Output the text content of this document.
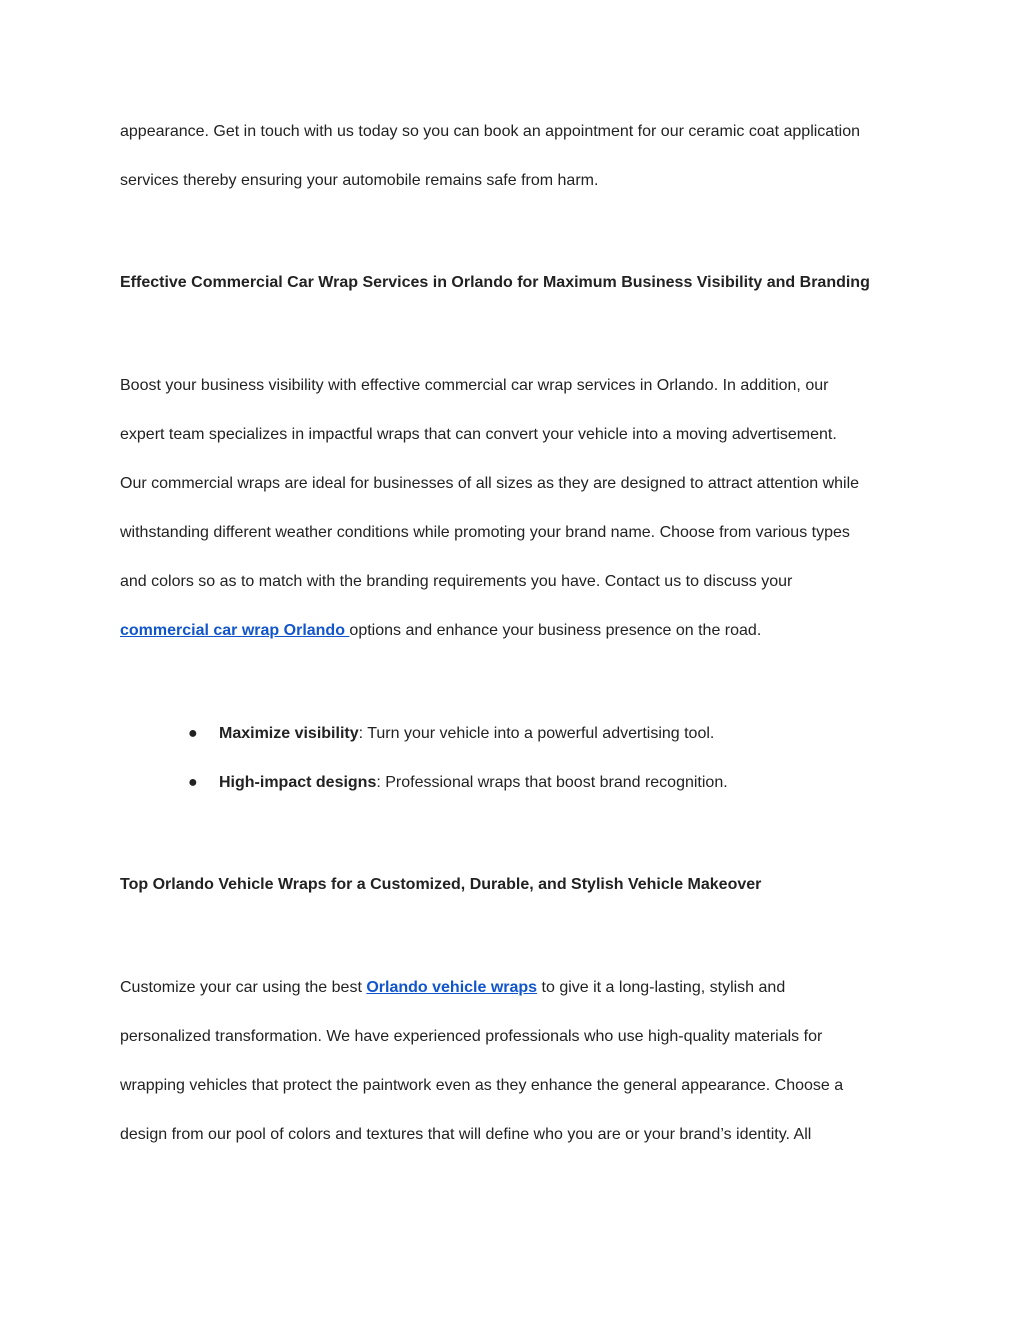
appearance. Get in touch with us today so you can book an appointment for our ceramic coat application
services thereby ensuring your automobile remains safe from harm.
Effective Commercial Car Wrap Services in Orlando for Maximum Business Visibility and Branding
Boost your business visibility with effective commercial car wrap services in Orlando. In addition, our
expert team specializes in impactful wraps that can convert your vehicle into a moving advertisement.
Our commercial wraps are ideal for businesses of all sizes as they are designed to attract attention while
withstanding different weather conditions while promoting your brand name. Choose from various types
and colors so as to match with the branding requirements you have. Contact us to discuss your
commercial car wrap Orlando options and enhance your business presence on the road.
● Maximize visibility: Turn your vehicle into a powerful advertising tool.
● High-impact designs: Professional wraps that boost brand recognition.
Top Orlando Vehicle Wraps for a Customized, Durable, and Stylish Vehicle Makeover
Customize your car using the best Orlando vehicle wraps to give it a long-lasting, stylish and
personalized transformation. We have experienced professionals who use high-quality materials for
wrapping vehicles that protect the paintwork even as they enhance the general appearance. Choose a
design from our pool of colors and textures that will define who you are or your brand’s identity. All
